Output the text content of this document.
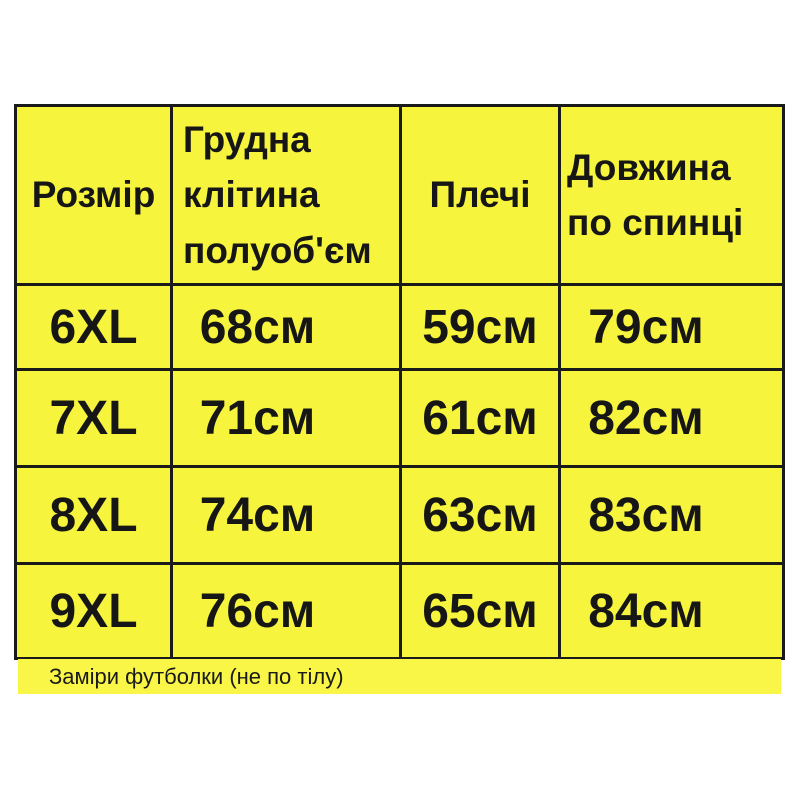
Розмір	Грудна клітина полуоб'єм	Плечі	Довжина по спинці
6XL	68см	59см	79см
7XL	71см	61см	82см
8XL	74см	63см	83см
9XL	76см	65см	84см
Заміри футболки (не по тілу)
